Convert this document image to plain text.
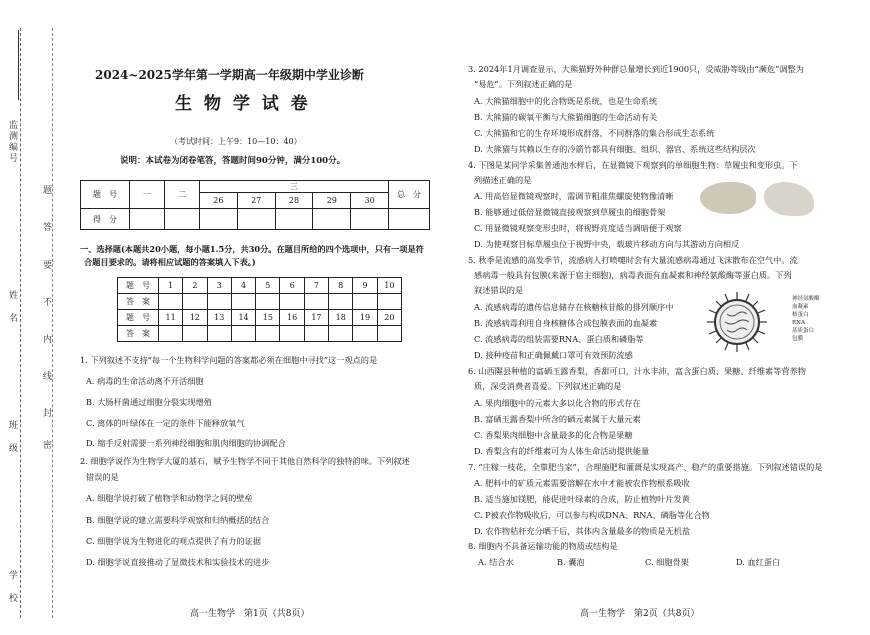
监测编号
姓名
班级
学校
题
答
要
不
内
线
封
密
2024~2025学年第一学期高一年级期中学业诊断
生 物 学 试 卷
（考试时间：上午9：10—10：40）
说明：本试卷为闭卷笔答，答题时间90分钟，满分100分。
题　号	一	二	三					总　分
			26	27	28	29	30	
得　分								
一、选择题(本题共20小题，每小题1.5分，共30分。在题目所给的四个选项中，只有一项是符
合题目要求的。请将相应试题的答案填入下表。)
题　号	1	2	3	4	5	6	7	8	9	10
答　案										
题　号	11	12	13	14	15	16	17	18	19	20
答　案										
1. 下列叙述不支持“每一个生物科学问题的答案都必须在细胞中寻找”这一观点的是
A. 病毒的生命活动离不开活细胞
B. 大肠杆菌通过细胞分裂实现增殖
C. 离体的叶绿体在一定的条件下能释放氧气
D. 缩手反射需要一系列神经细胞和肌肉细胞的协调配合
2. 细胞学说作为生物学大厦的基石，赋予生物学不同于其他自然科学的独特韵味。下列叙述
错误的是
A. 细胞学说打破了植物学和动物学之间的壁垒
B. 细胞学说的建立需要科学观察和归纳概括的结合
C. 细胞学说为生物进化的观点提供了有力的证据
D. 细胞学说直接推动了显微技术和实验技术的进步
高一生物学　第1页（共8页）
3. 2024年1月调查显示，大熊猫野外种群总量增长到近1900只，受威胁等级由“濒危”调整为
“易危”。下列叙述正确的是
A. 大熊猫细胞中的化合物既是系统，也是生命系统
B. 大熊猫的碳氧平衡与大熊猫细胞的生命活动有关
C. 大熊猫和它的生存环境形成群落，不同群落的集合形成生态系统
D. 大熊猫与其赖以生存的冷箭竹都具有细胞、组织、器官、系统这些结构层次
4. 下图是某同学采集普通池水样后，在显微镜下观察到的单细胞生物：草履虫和变形虫。下
列描述正确的是
A. 用高倍显微镜观察时，需调节粗准焦螺旋使物像清晰
B. 能够通过低倍显微镜直接观察到草履虫的细胞骨架
C. 用显微镜观察变形虫时，将视野亮度适当调暗便于观察
D. 为使观察目标草履虫位于视野中央，载玻片移动方向与其游动方向相反
5. 秋季是流感的高发季节，流感病人打喷嚏时会有大量流感病毒通过飞沫散布在空气中。流
感病毒一般具有包膜(来源于宿主细胞)，病毒表面有血凝素和神经氨酸酶等蛋白质。下列
叙述错误的是
A. 流感病毒的遗传信息储存在核糖核苷酸的排列顺序中
B. 流感病毒利用自身核糖体合成包膜表面的血凝素
C. 流感病毒的组装需要RNA、蛋白质和磷脂等
D. 接种疫苗和正确佩戴口罩可有效预防流感
神经氨酸酶
血凝素
核蛋白
RNA
基质蛋白
包膜
6. 山西隰县种植的富硒玉露香梨，香甜可口，汁水丰沛，富含蛋白质、果糖、纤维素等营养物
质，深受消费者喜爱。下列叙述正确的是
A. 果肉细胞中的元素大多以化合物的形式存在
B. 富硒玉露香梨中所含的硒元素属于大量元素
C. 香梨果肉细胞中含量最多的化合物是果糖
D. 香梨含有的纤维素可为人体生命活动提供能量
7. “庄稼一枝花，全靠肥当家”，合理施肥和灌溉是实现高产、稳产的重要措施。下列叙述错误的是
A. 肥料中的矿质元素需要溶解在水中才能被农作物根系吸收
B. 适当施加镁肥，能促进叶绿素的合成，防止植物叶片发黄
C. P被农作物吸收后，可以参与构成DNA、RNA、磷脂等化合物
D. 农作物秸秆充分晒干后，其体内含量最多的物质是无机盐
8. 细胞内不具备运输功能的物质或结构是
A. 结合水	B. 囊泡	C. 细胞骨架	D. 血红蛋白
高一生物学　第2页（共8页）
